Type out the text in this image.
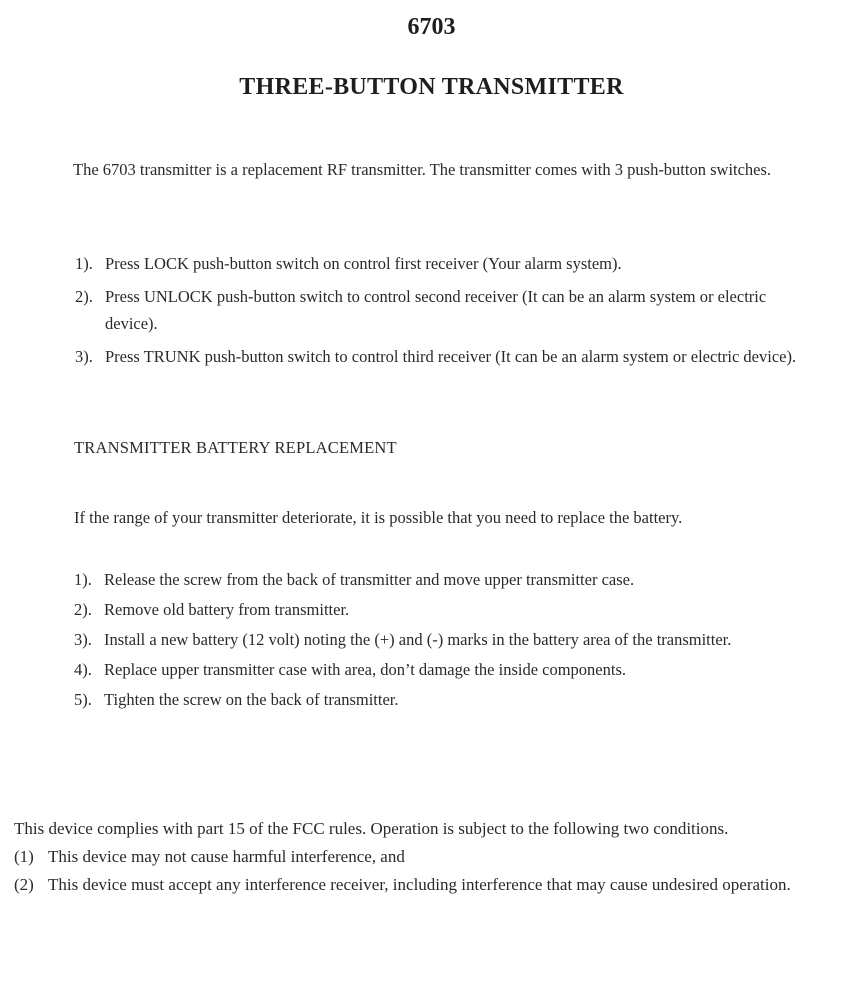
6703
THREE-BUTTON TRANSMITTER
The 6703 transmitter is a replacement RF transmitter. The transmitter comes with 3 push-button switches.
1). Press LOCK push-button switch on control first receiver (Your alarm system).
2). Press UNLOCK push-button switch to control second receiver (It can be an alarm system or electric device).
3). Press TRUNK push-button switch to control third receiver (It can be an alarm system or electric device).
TRANSMITTER BATTERY REPLACEMENT
If the range of your transmitter deteriorate, it is possible that you need to replace the battery.
1). Release the screw from the back of transmitter and move upper transmitter case.
2). Remove old battery from transmitter.
3). Install a new battery (12 volt) noting the (+) and (-) marks in the battery area of the transmitter.
4). Replace upper transmitter case with area, don’t damage the inside components.
5). Tighten the screw on the back of transmitter.
This device complies with part 15 of the FCC rules. Operation is subject to the following two conditions.
(1) This device may not cause harmful interference, and
(2) This device must accept any interference receiver, including interference that may cause undesired operation.
